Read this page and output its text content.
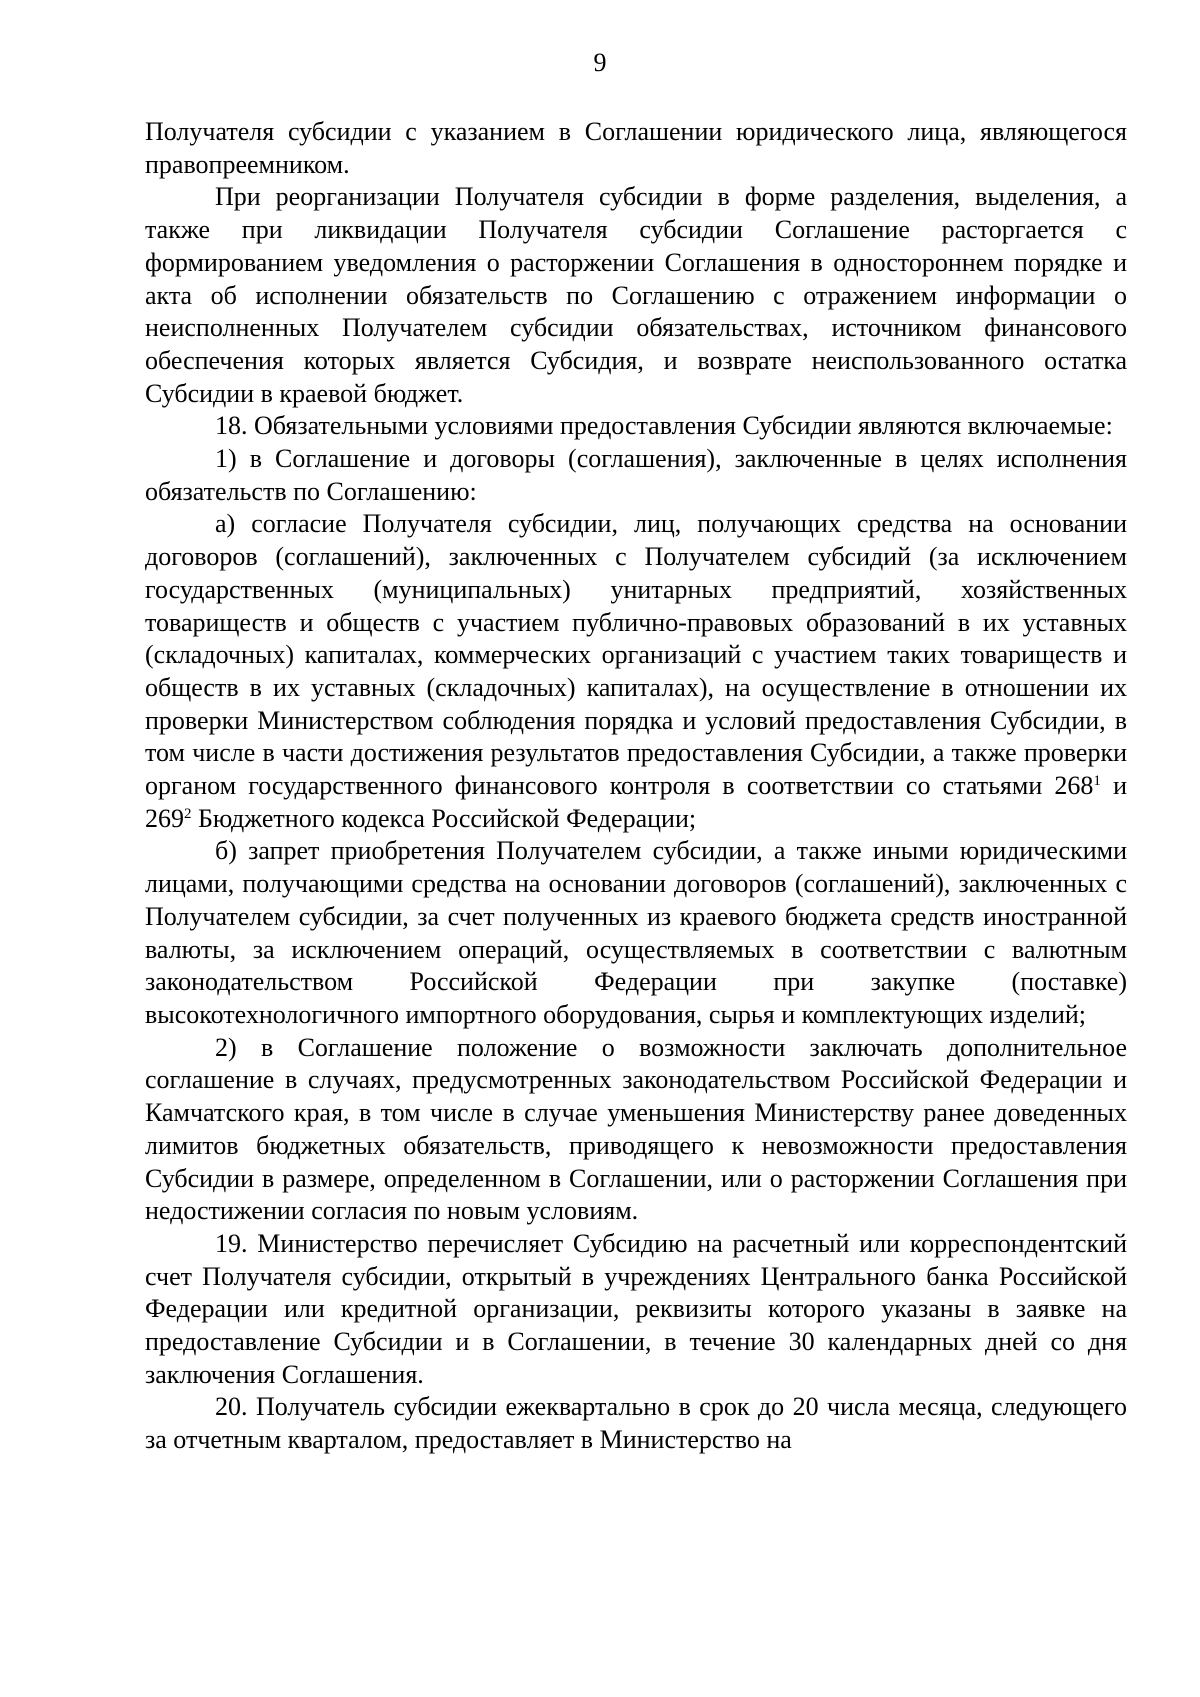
9

Получателя субсидии с указанием в Соглашении юридического лица, являющегося правопреемником.

При реорганизации Получателя субсидии в форме разделения, выделения, а также при ликвидации Получателя субсидии Соглашение расторгается с формированием уведомления о расторжении Соглашения в одностороннем порядке и акта об исполнении обязательств по Соглашению с отражением информации о неисполненных Получателем субсидии обязательствах, источником финансового обеспечения которых является Субсидия, и возврате неиспользованного остатка Субсидии в краевой бюджет.

18. Обязательными условиями предоставления Субсидии являются включаемые:

1) в Соглашение и договоры (соглашения), заключенные в целях исполнения обязательств по Соглашению:

а) согласие Получателя субсидии, лиц, получающих средства на основании договоров (соглашений), заключенных с Получателем субсидий (за исключением государственных (муниципальных) унитарных предприятий, хозяйственных товариществ и обществ с участием публично-правовых образований в их уставных (складочных) капиталах, коммерческих организаций с участием таких товариществ и обществ в их уставных (складочных) капиталах), на осуществление в отношении их проверки Министерством соблюдения порядка и условий предоставления Субсидии, в том числе в части достижения результатов предоставления Субсидии, а также проверки органом государственного финансового контроля в соответствии со статьями $268^1$ и $269^2$ Бюджетного кодекса Российской Федерации;

б) запрет приобретения Получателем субсидии, а также иными юридическими лицами, получающими средства на основании договоров (соглашений), заключенных с Получателем субсидии, за счет полученных из краевого бюджета средств иностранной валюты, за исключением операций, осуществляемых в соответствии с валютным законодательством Российской Федерации при закупке (поставке) высокотехнологичного импортного оборудования, сырья и комплектующих изделий;

2) в Соглашение положение о возможности заключать дополнительное соглашение в случаях, предусмотренных законодательством Российской Федерации и Камчатского края, в том числе в случае уменьшения Министерству ранее доведенных лимитов бюджетных обязательств, приводящего к невозможности предоставления Субсидии в размере, определенном в Соглашении, или о расторжении Соглашения при недостижении согласия по новым условиям.

19. Министерство перечисляет Субсидию на расчетный или корреспондентский счет Получателя субсидии, открытый в учреждениях Центрального банка Российской Федерации или кредитной организации, реквизиты которого указаны в заявке на предоставление Субсидии и в Соглашении, в течение 30 календарных дней со дня заключения Соглашения.

20. Получатель субсидии ежеквартально в срок до 20 числа месяца, следующего за отчетным кварталом, предоставляет в Министерство на
